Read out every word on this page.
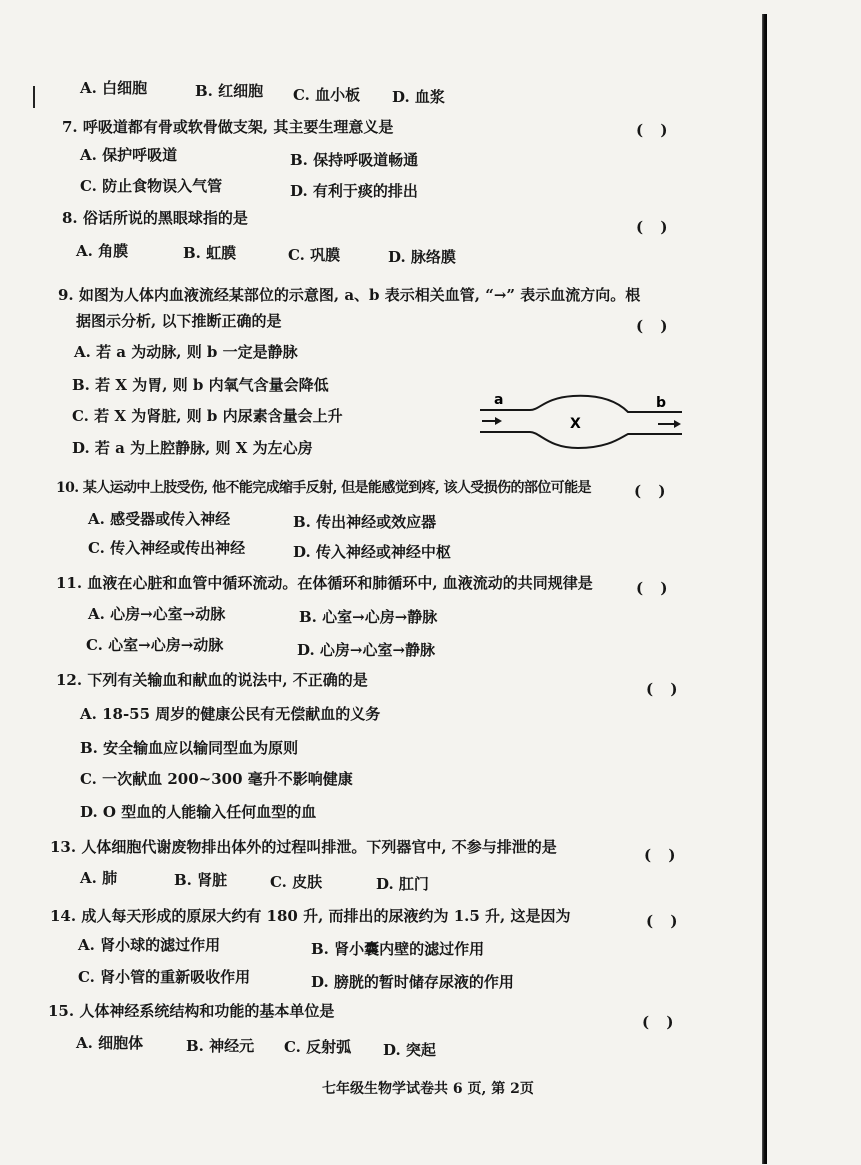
A. 白细胞	B. 红细胞 C. 血小板 D. 血浆
7. 呼吸道都有骨或软骨做支架, 其主要生理意义是	( )
A. 保护呼吸道	B. 保持呼吸道畅通
C. 防止食物误入气管	D. 有利于痰的排出
8. 俗话所说的黑眼球指的是	( )
A. 角膜	B. 虹膜	C. 巩膜	D. 脉络膜
9. 如图为人体内血液流经某部位的示意图, a、b 表示相关血管, “→” 表示血流方向。根
据图示分析, 以下推断正确的是	( )
A. 若 a 为动脉, 则 b 一定是静脉
B. 若 X 为胃, 则 b 内氧气含量会降低
C. 若 X 为肾脏, 则 b 内尿素含量会上升
D. 若 a 为上腔静脉, 则 X 为左心房
a	b
X
10. 某人运动中上肢受伤, 他不能完成缩手反射, 但是能感觉到疼, 该人受损伤的部位可能是	( )
A. 感受器或传入神经	B. 传出神经或效应器
C. 传入神经或传出神经	D. 传入神经或神经中枢
11. 血液在心脏和血管中循环流动。在体循环和肺循环中, 血液流动的共同规律是	( )
A. 心房→心室→动脉	B. 心室→心房→静脉
C. 心室→心房→动脉	D. 心房→心室→静脉
12. 下列有关输血和献血的说法中, 不正确的是	( )
A. 18-55 周岁的健康公民有无偿献血的义务
B. 安全输血应以输同型血为原则
C. 一次献血 200~300 毫升不影响健康
D. O 型血的人能输入任何血型的血
13. 人体细胞代谢废物排出体外的过程叫排泄。下列器官中, 不参与排泄的是	( )
A. 肺	B. 肾脏	C. 皮肤	D. 肛门
14. 成人每天形成的原尿大约有 180 升, 而排出的尿液约为 1.5 升, 这是因为	( )
A. 肾小球的滤过作用	B. 肾小囊内壁的滤过作用
C. 肾小管的重新吸收作用	D. 膀胱的暂时储存尿液的作用
15. 人体神经系统结构和功能的基本单位是
( )
A. 细胞体	B. 神经元 C. 反射弧 D. 突起
七年级生物学试卷共 6 页, 第 2页
